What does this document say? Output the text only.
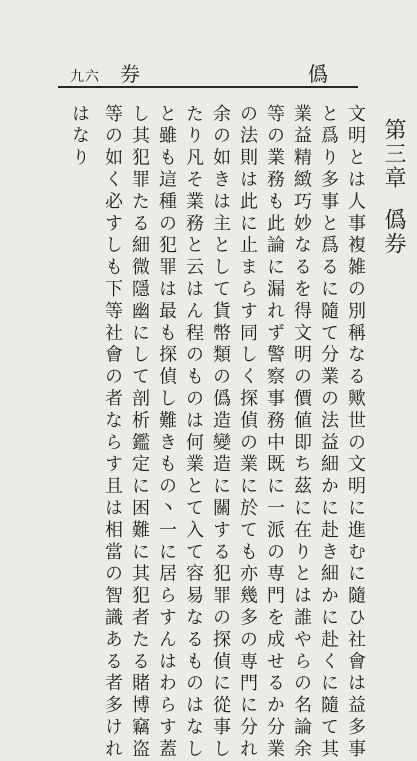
九六 券	僞
第三章僞券
文明とは人事複雑の別稱なる歟世の文明に進むに隨ひ社會は益多事
と爲り多事と爲るに隨て分業の法益細かに赴き細かに赴くに隨て其
業益精緻巧妙なるを得文明の價値即ち茲に在りとは誰やらの名論余
等の業務も此論に漏れず警察事務中既に一派の専門を成せるか分業
の法則は此に止まらす同しく探偵の業に於ても亦幾多の専門に分れ
余の如きは主として貨幣類の僞造變造に關する犯罪の探偵に從事し
たり凡そ業務と云はん程のものは何業とて入て容易なるものはなし
と雖も這種の犯罪は最も探偵し難きもの丶一に居らすんはわらす蓋
し其犯罪たる細微隱幽にして剖析鑑定に困難に其犯者たる賭博竊盗
等の如く必すしも下等社會の者ならす且は相當の智識ある者多けれ
はなり
